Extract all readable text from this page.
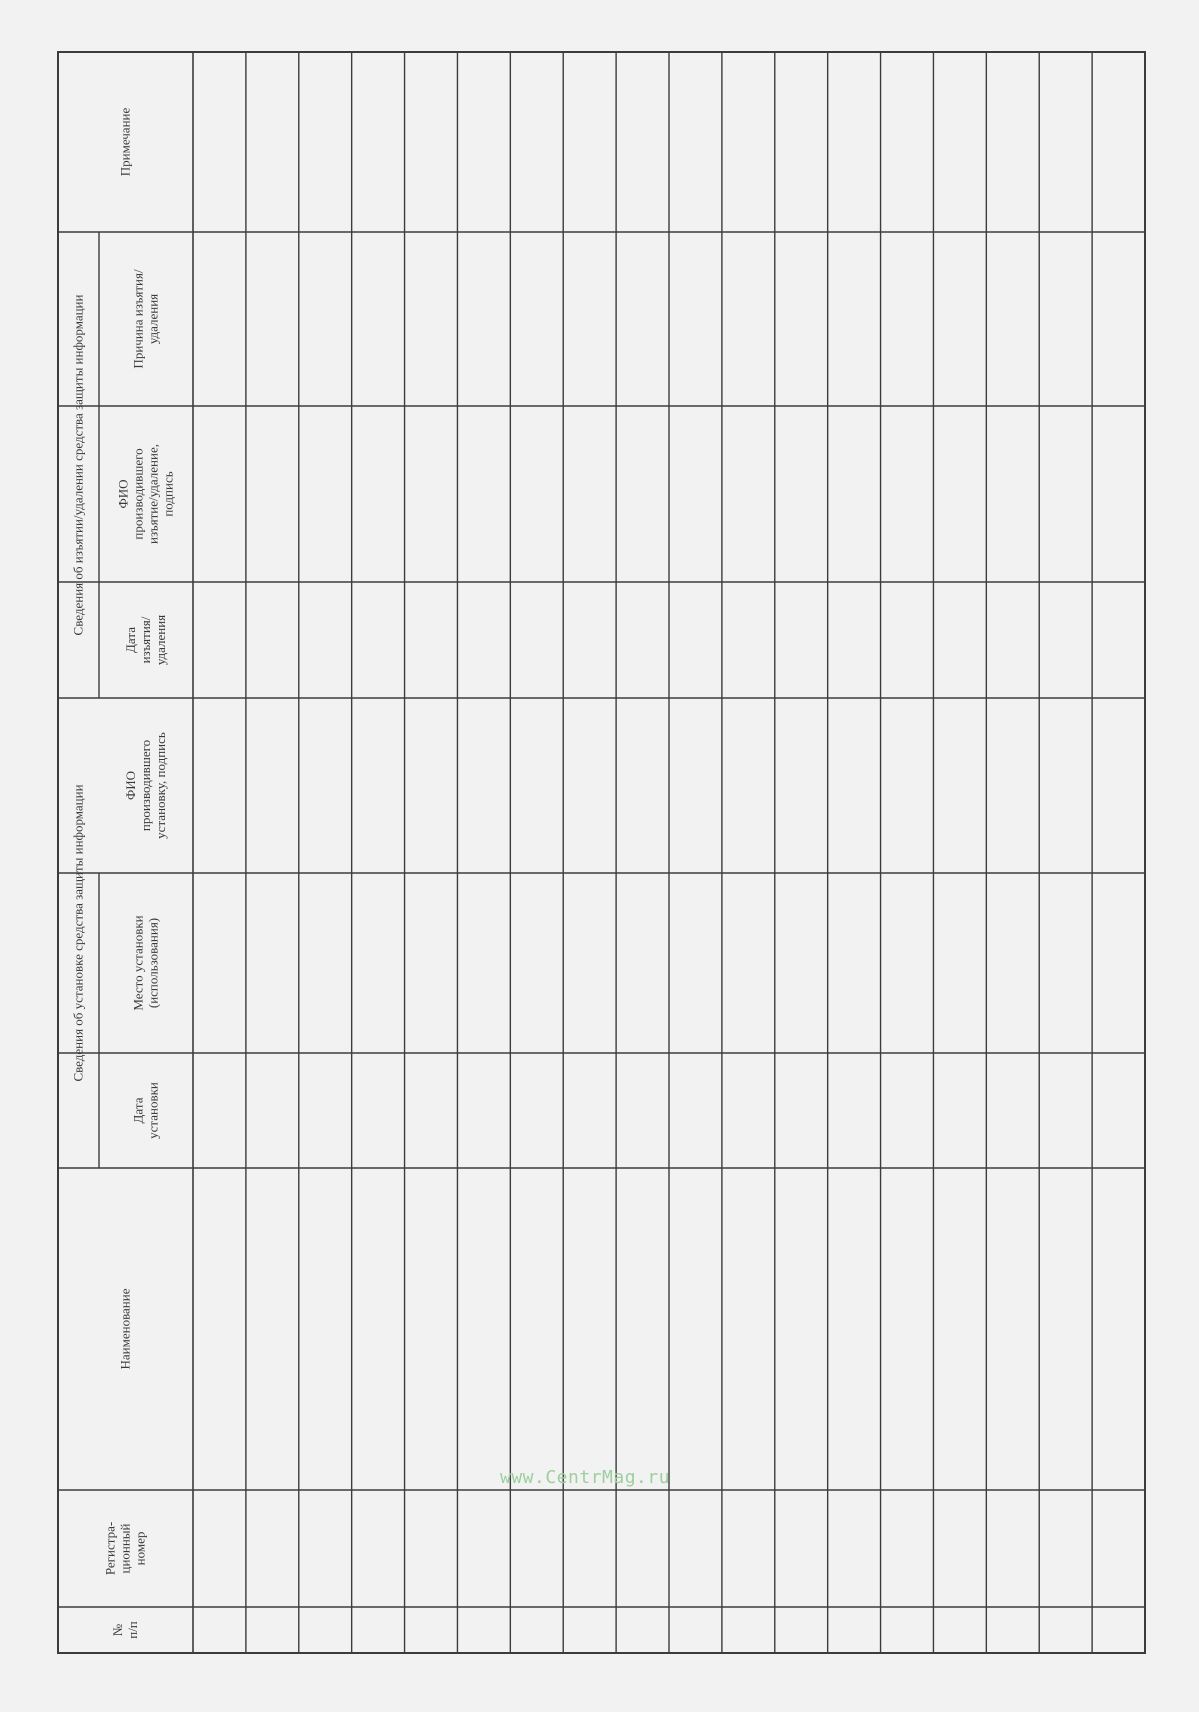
№п/п
Регистра-ционныйномер
Наименование
Сведения об установке средства защиты информации
Датаустановки
Место установки(использования)
ФИОпроизводившегоустановку, подпись
Сведения об изъятии/удалении средства защиты информации
Датаизъятия/удаления
ФИОпроизводившегоизъятие/удаление,подпись
Причина изъятия/удаления
Примечание
www.CentrMag.ru
